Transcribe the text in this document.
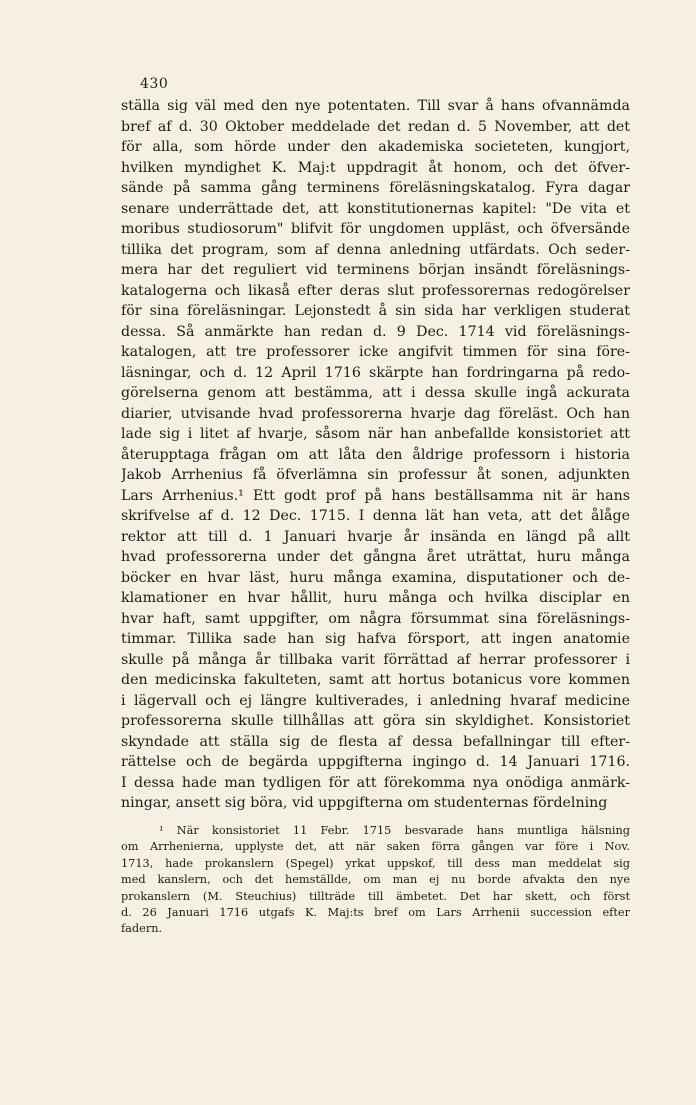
430
ställa sig väl med den nye potentaten. Till svar å hans ofvannämda
bref af d. 30 Oktober meddelade det redan d. 5 November, att det
för alla, som hörde under den akademiska societeten, kungjort,
hvilken myndighet K. Maj:t uppdragit åt honom, och det öfver-
sände på samma gång terminens föreläsningskatalog. Fyra dagar
senare underrättade det, att konstitutionernas kapitel: "De vita et
moribus studiosorum" blifvit för ungdomen uppläst, och öfversände
tillika det program, som af denna anledning utfärdats. Och seder-
mera har det reguliert vid terminens början insändt föreläsnings-
katalogerna och likaså efter deras slut professorernas redogörelser
för sina föreläsningar. Lejonstedt å sin sida har verkligen studerat
dessa. Så anmärkte han redan d. 9 Dec. 1714 vid föreläsnings-
katalogen, att tre professorer icke angifvit timmen för sina före-
läsningar, och d. 12 April 1716 skärpte han fordringarna på redo-
görelserna genom att bestämma, att i dessa skulle ingå ackurata
diarier, utvisande hvad professorerna hvarje dag föreläst. Och han
lade sig i litet af hvarje, såsom när han anbefallde konsistoriet att
återupptaga frågan om att låta den åldrige professorn i historia
Jakob Arrhenius få öfverlämna sin professur åt sonen, adjunkten
Lars Arrhenius.¹ Ett godt prof på hans beställsamma nit är hans
skrifvelse af d. 12 Dec. 1715. I denna lät han veta, att det ålåge
rektor att till d. 1 Januari hvarje år insända en längd på allt
hvad professorerna under det gångna året uträttat, huru många
böcker en hvar läst, huru många examina, disputationer och de-
klamationer en hvar hållit, huru många och hvilka disciplar en
hvar haft, samt uppgifter, om några försummat sina föreläsnings-
timmar. Tillika sade han sig hafva försport, att ingen anatomie
skulle på många år tillbaka varit förrättad af herrar professorer i
den medicinska fakulteten, samt att hortus botanicus vore kommen
i lägervall och ej längre kultiverades, i anledning hvaraf medicine
professorerna skulle tillhållas att göra sin skyldighet. Konsistoriet
skyndade att ställa sig de flesta af dessa befallningar till efter-
rättelse och de begärda uppgifterna ingingo d. 14 Januari 1716.
I dessa hade man tydligen för att förekomma nya onödiga anmärk-
ningar, ansett sig böra, vid uppgifterna om studenternas fördelning
¹ När konsistoriet 11 Febr. 1715 besvarade hans muntliga hälsning
om Arrhenierna, upplyste det, att när saken förra gången var före i Nov.
1713, hade prokanslern (Spegel) yrkat uppskof, till dess man meddelat sig
med kanslern, och det hemställde, om man ej nu borde afvakta den nye
prokanslern (M. Steuchius) tillträde till ämbetet. Det har skett, och först
d. 26 Januari 1716 utgafs K. Maj:ts bref om Lars Arrhenii succession efter
fadern.
